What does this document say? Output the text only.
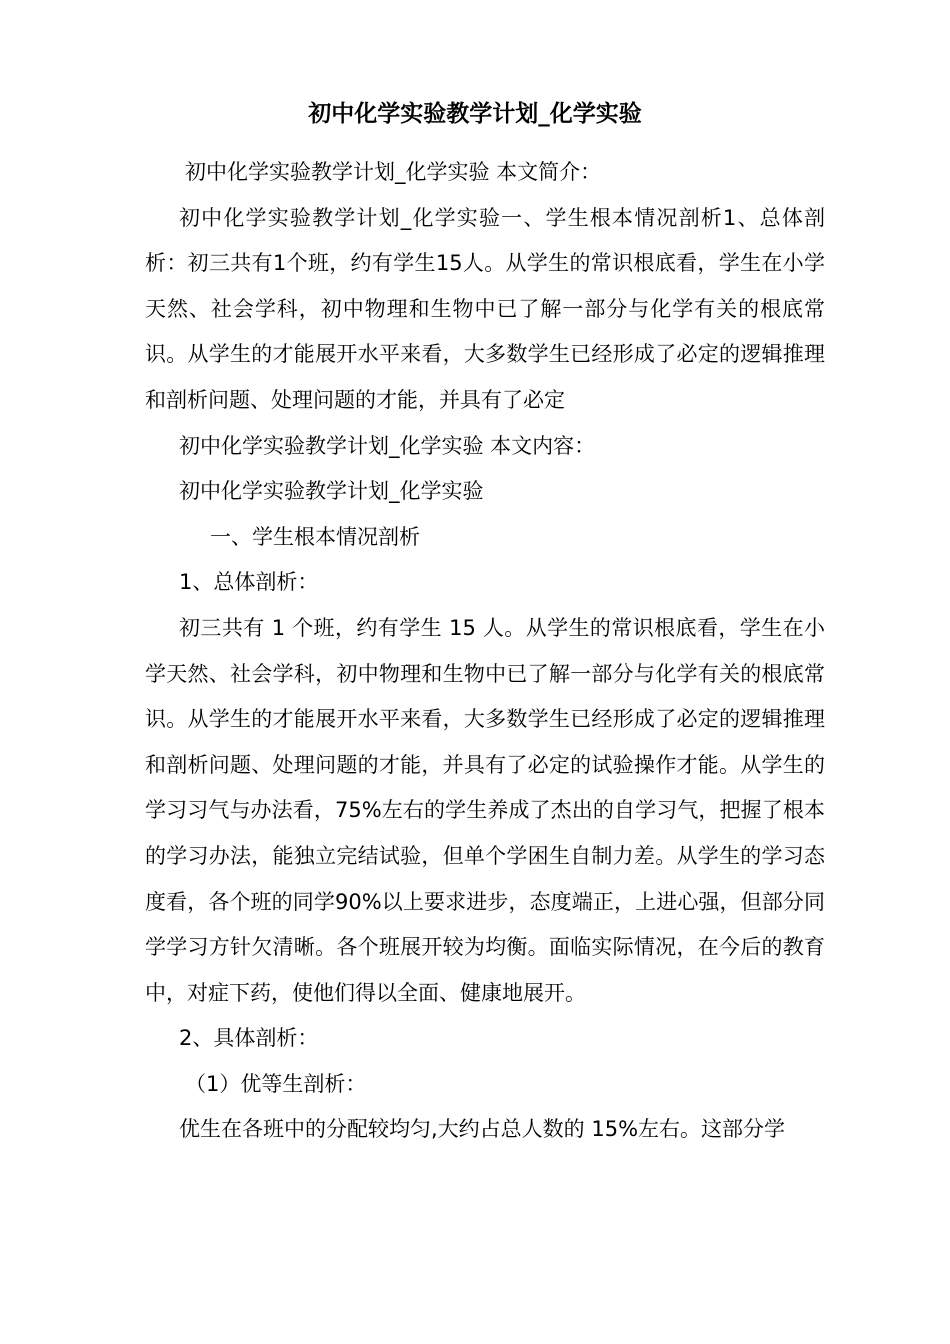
初中化学实验教学计划_化学实验

初中化学实验教学计划_化学实验 本文简介：

初中化学实验教学计划_化学实验一、学生根本情况剖析1、总体剖析：初三共有1个班，约有学生15人。从学生的常识根底看，学生在小学天然、社会学科，初中物理和生物中已了解一部分与化学有关的根底常识。从学生的才能展开水平来看，大多数学生已经形成了必定的逻辑推理和剖析问题、处理问题的才能，并具有了必定

初中化学实验教学计划_化学实验 本文内容：

初中化学实验教学计划_化学实验

一、学生根本情况剖析

1、总体剖析：

初三共有 1 个班，约有学生 15 人。从学生的常识根底看，学生在小学天然、社会学科，初中物理和生物中已了解一部分与化学有关的根底常识。从学生的才能展开水平来看，大多数学生已经形成了必定的逻辑推理和剖析问题、处理问题的才能，并具有了必定的试验操作才能。从学生的学习习气与办法看，75%左右的学生养成了杰出的自学习气，把握了根本的学习办法，能独立完结试验，但单个学困生自制力差。从学生的学习态度看，各个班的同学90%以上要求进步，态度端正，上进心强，但部分同学学习方针欠清晰。各个班展开较为均衡。面临实际情况，在今后的教育中，对症下药，使他们得以全面、健康地展开。

2、具体剖析：

（1）优等生剖析：

优生在各班中的分配较均匀,大约占总人数的 15%左右。这部分学
